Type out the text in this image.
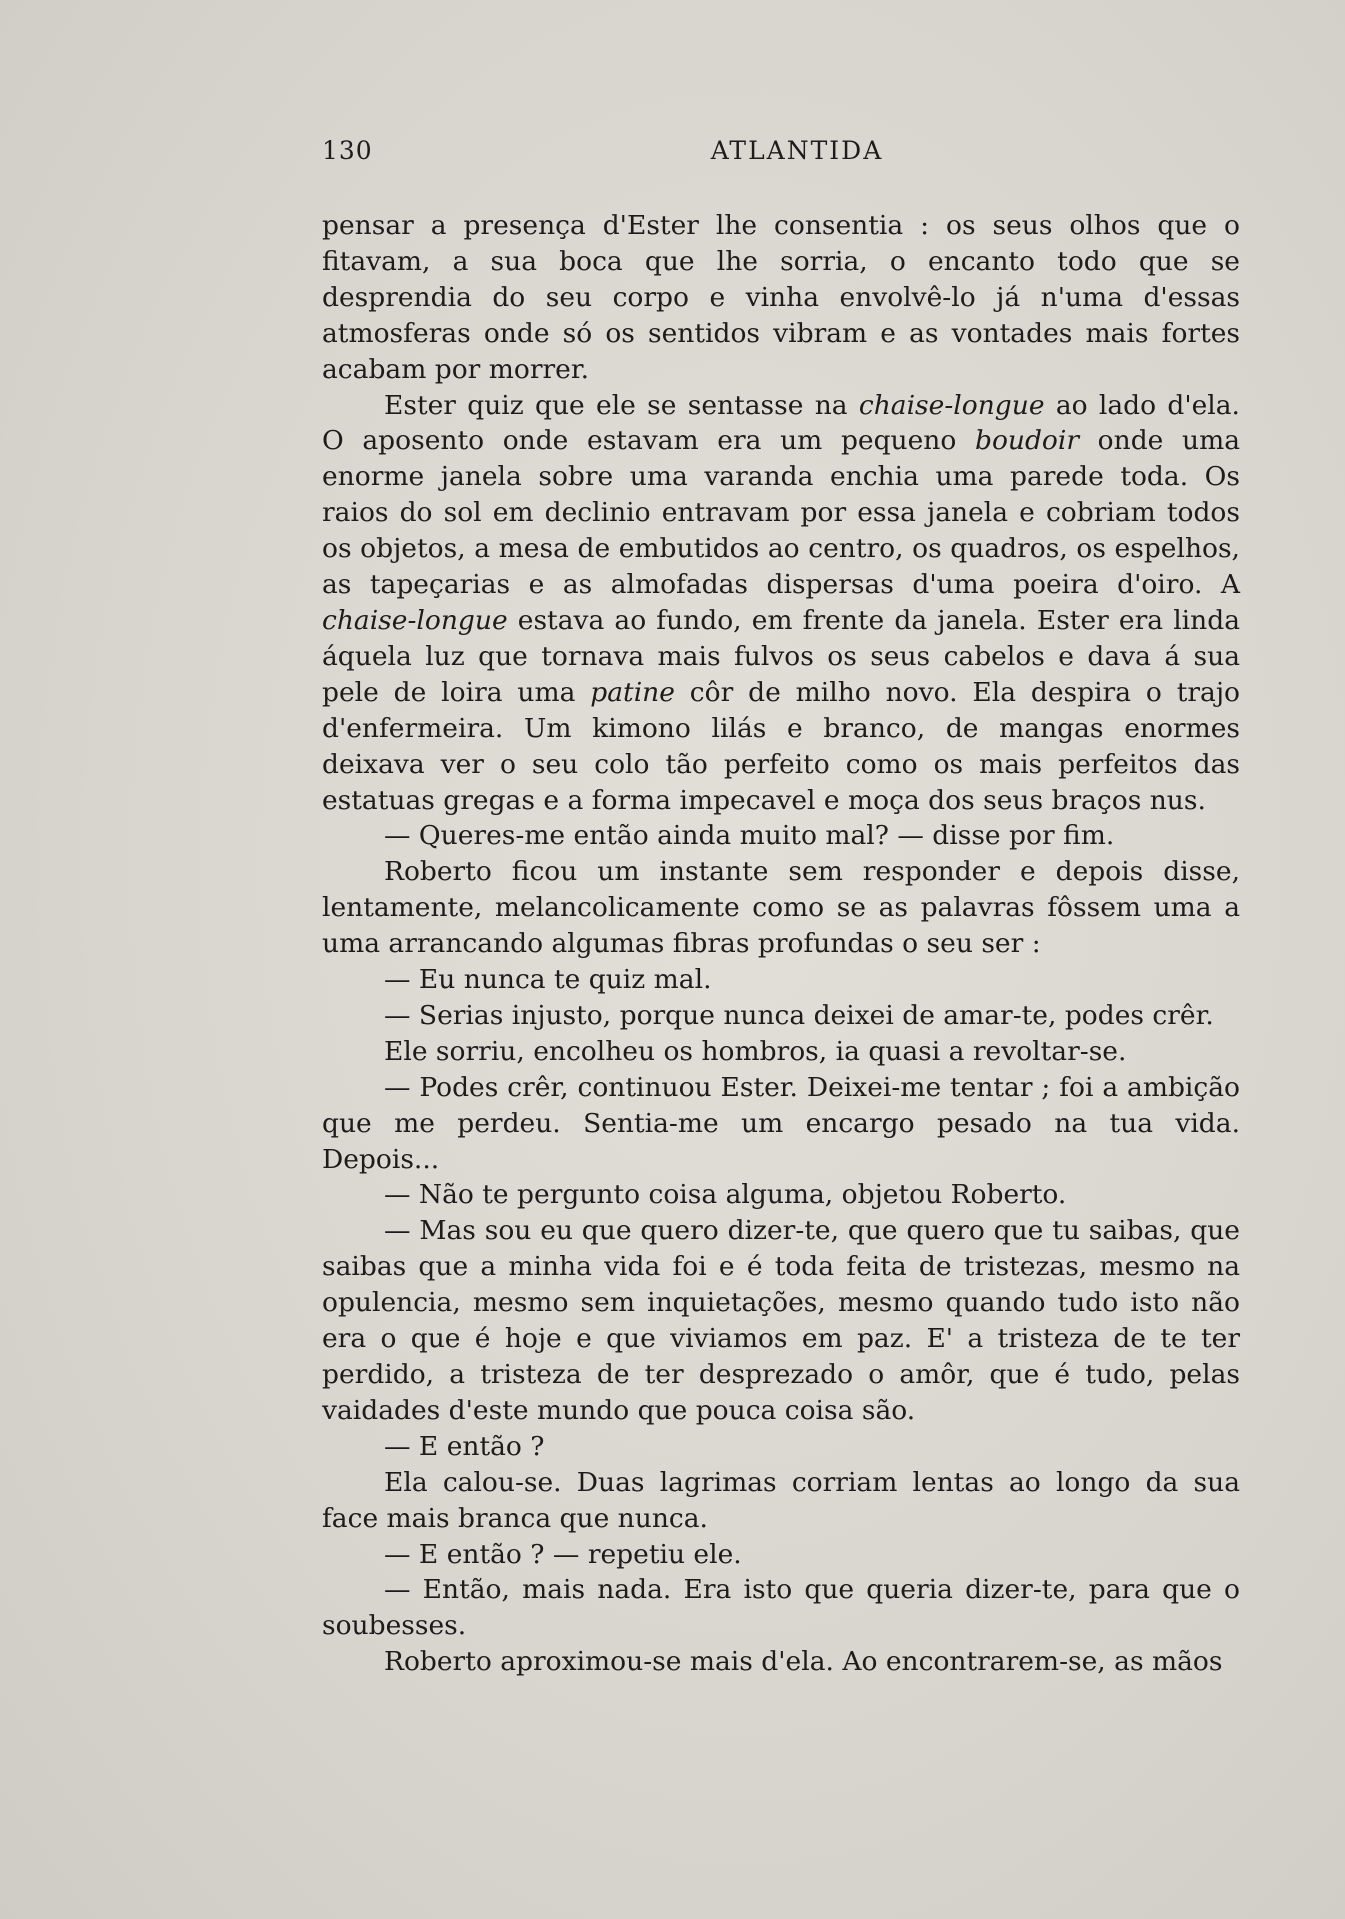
130	ATLANTIDA

pensar a presença d'Ester lhe consentia : os seus olhos que o fitavam, a sua boca que lhe sorria, o encanto todo que se desprendia do seu corpo e vinha envolvê-lo já n'uma d'essas atmosferas onde só os sentidos vibram e as vontades mais fortes acabam por morrer.

Ester quiz que ele se sentasse na chaise-longue ao lado d'ela. O aposento onde estavam era um pequeno boudoir onde uma enorme janela sobre uma varanda enchia uma parede toda. Os raios do sol em declinio entravam por essa janela e cobriam todos os objetos, a mesa de embutidos ao centro, os quadros, os espelhos, as tapeçarias e as almofadas dispersas d'uma poeira d'oiro. A chaise-longue estava ao fundo, em frente da janela. Ester era linda áquela luz que tornava mais fulvos os seus cabelos e dava á sua pele de loira uma patine côr de milho novo. Ela despira o trajo d'enfermeira. Um kimono lilás e branco, de mangas enormes deixava ver o seu colo tão perfeito como os mais perfeitos das estatuas gregas e a forma impecavel e moça dos seus braços nus.

— Queres-me então ainda muito mal? — disse por fim.

Roberto ficou um instante sem responder e depois disse, lentamente, melancolicamente como se as palavras fôssem uma a uma arrancando algumas fibras profundas o seu ser :

— Eu nunca te quiz mal.

— Serias injusto, porque nunca deixei de amar-te, podes crêr.

Ele sorriu, encolheu os hombros, ia quasi a revoltar-se.

— Podes crêr, continuou Ester. Deixei-me tentar ; foi a ambição que me perdeu. Sentia-me um encargo pesado na tua vida. Depois...

— Não te pergunto coisa alguma, objetou Roberto.

— Mas sou eu que quero dizer-te, que quero que tu saibas, que saibas que a minha vida foi e é toda feita de tristezas, mesmo na opulencia, mesmo sem inquietações, mesmo quando tudo isto não era o que é hoje e que viviamos em paz. E' a tristeza de te ter perdido, a tristeza de ter desprezado o amôr, que é tudo, pelas vaidades d'este mundo que pouca coisa são.

— E então ?

Ela calou-se. Duas lagrimas corriam lentas ao longo da sua face mais branca que nunca.

— E então ? — repetiu ele.

— Então, mais nada. Era isto que queria dizer-te, para que o soubesses.

Roberto aproximou-se mais d'ela. Ao encontrarem-se, as mãos
